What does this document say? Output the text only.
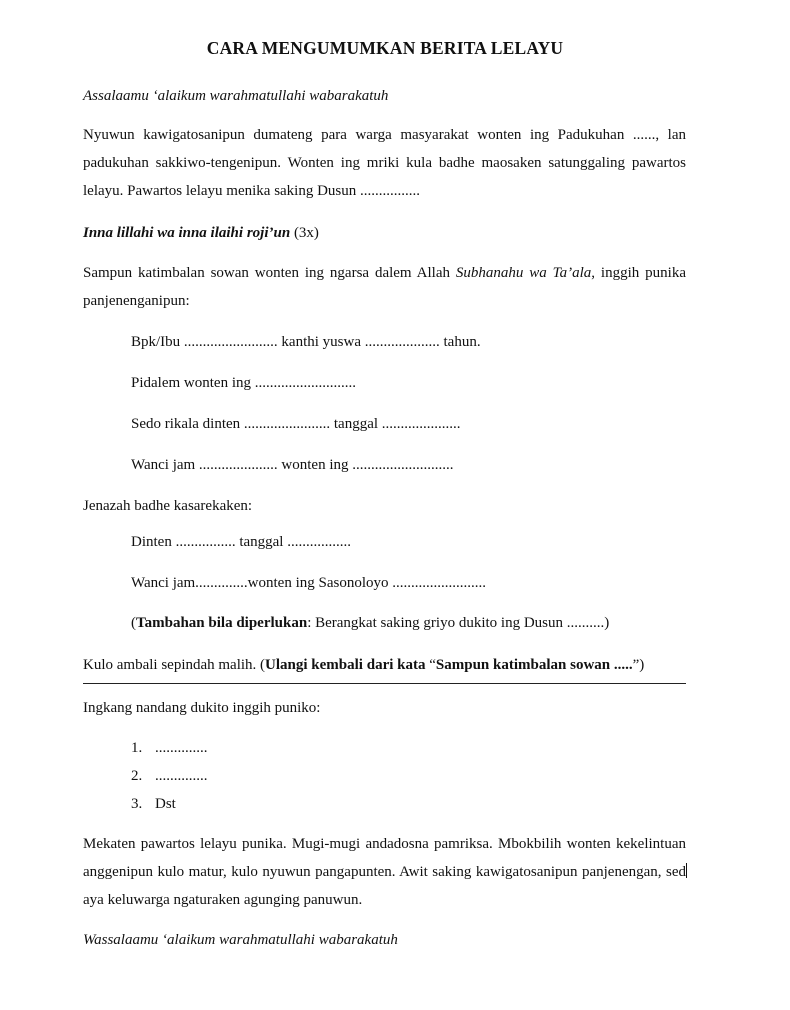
CARA MENGUMUMKAN BERITA LELAYU

Assalaamu ‘alaikum warahmatullahi wabarakatuh

Nyuwun kawigatosanipun dumateng para warga masyarakat wonten ing Padukuhan ......, lan padukuhan sakkiwo-tengenipun. Wonten ing mriki kula badhe maosaken satunggaling pawartos lelayu. Pawartos lelayu menika saking Dusun ................

Inna lillahi wa inna ilaihi roji’un (3x)

Sampun katimbalan sowan wonten ing ngarsa dalem Allah Subhanahu wa Ta’ala, inggih punika panjenenganipun:

Bpk/Ibu ......................... kanthi yuswa .................... tahun.

Pidalem wonten ing ...........................

Sedo rikala dinten ....................... tanggal .....................

Wanci jam ..................... wonten ing ...........................

Jenazah badhe kasarekaken:

Dinten ................ tanggal .................

Wanci jam..............wonten ing Sasonoloyo .........................

(Tambahan bila diperlukan: Berangkat saking griyo dukito ing Dusun ..........)

Kulo ambali sepindah malih. (Ulangi kembali dari kata “Sampun katimbalan sowan .....”)

Ingkang nandang dukito inggih puniko:

1. ..............
2. ..............
3. Dst

Mekaten pawartos lelayu punika. Mugi-mugi andadosna pamriksa. Mbokbilih wonten kekelintuan anggenipun kulo matur, kulo nyuwun pangapunten. Awit saking kawigatosanipun panjenengan, sedaya keluwarga ngaturaken agunging panuwun.

Wassalaamu ‘alaikum warahmatullahi wabarakatuh
